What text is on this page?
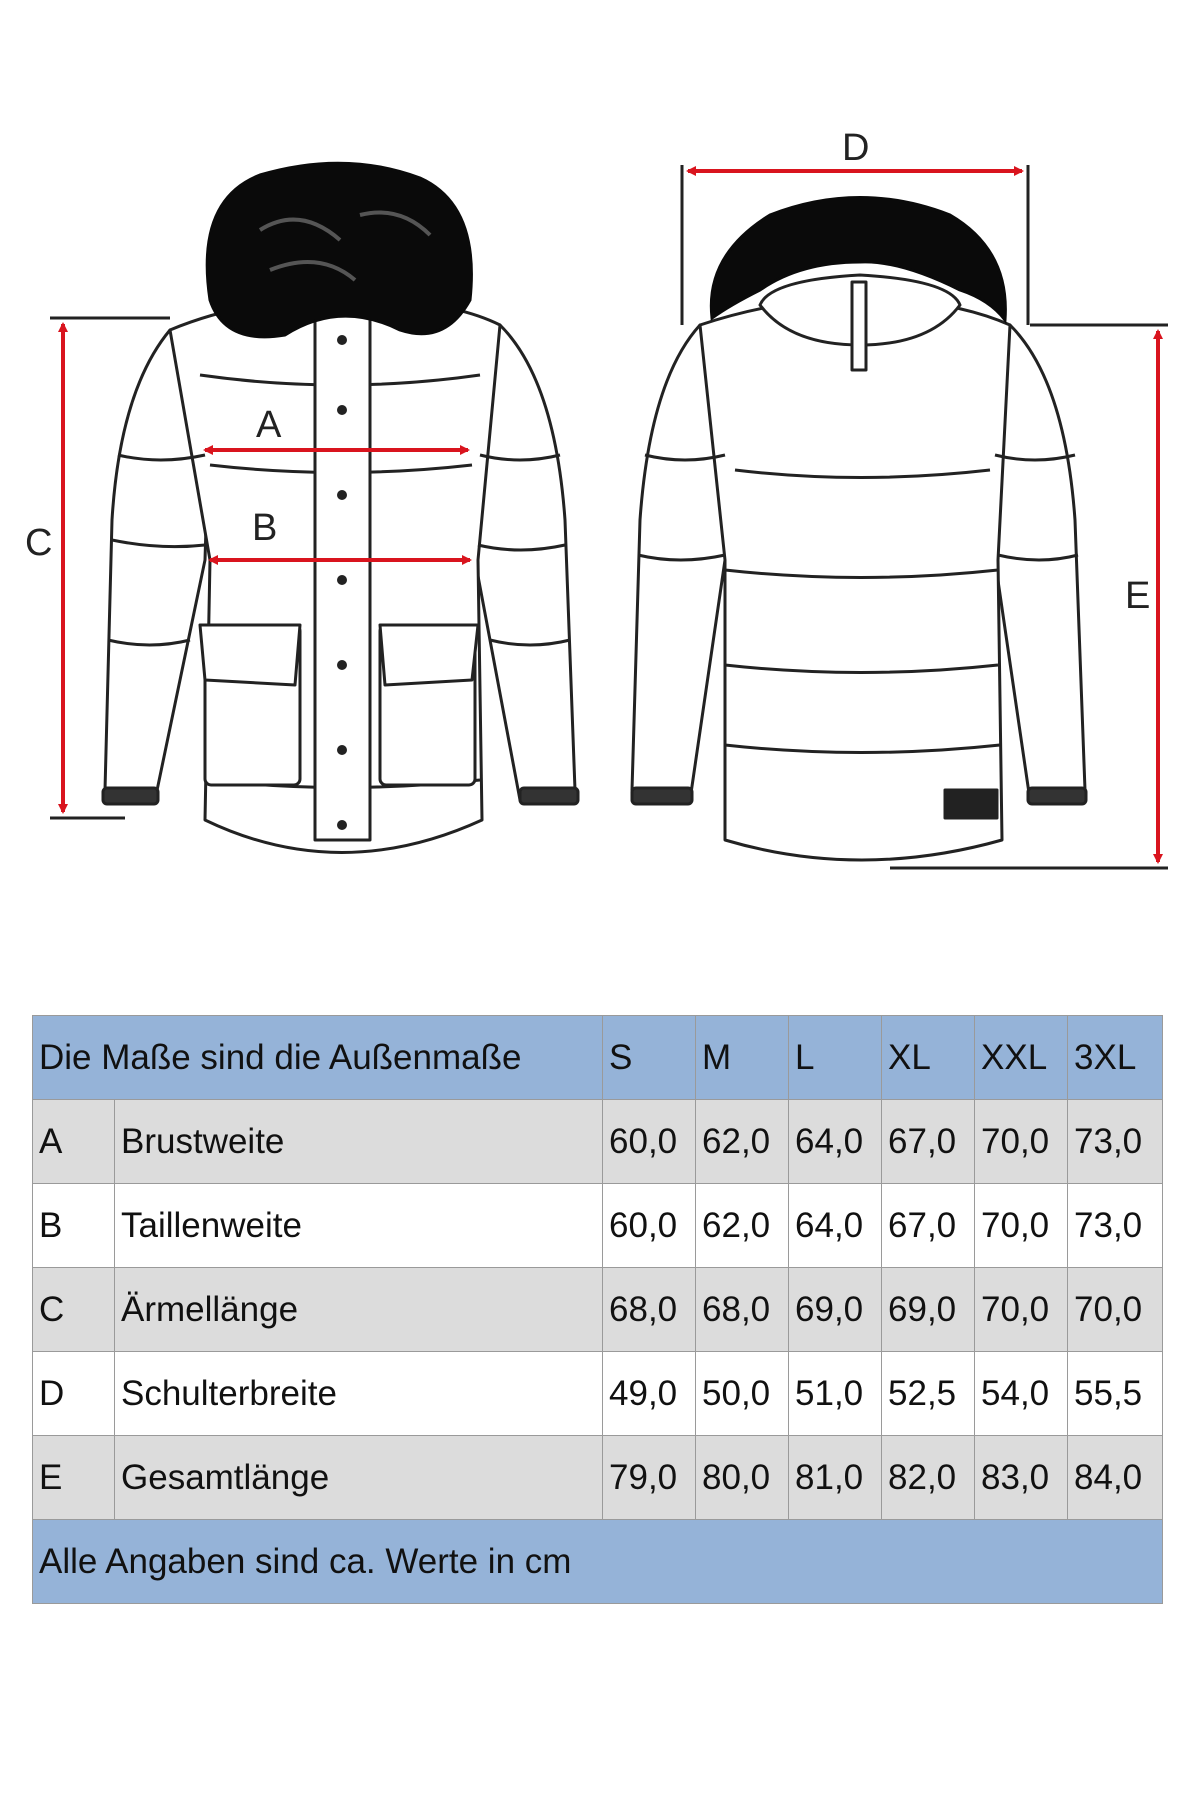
A
B
C
D
E
Die Maße sind die Außenmaße		S	M	L	XL	XXL	3XL
A	Brustweite	60,0	62,0	64,0	67,0	70,0	73,0
B	Taillenweite	60,0	62,0	64,0	67,0	70,0	73,0
C	Ärmellänge	68,0	68,0	69,0	69,0	70,0	70,0
D	Schulterbreite	49,0	50,0	51,0	52,5	54,0	55,5
E	Gesamtlänge	79,0	80,0	81,0	82,0	83,0	84,0
Alle Angaben sind ca. Werte in cm							
